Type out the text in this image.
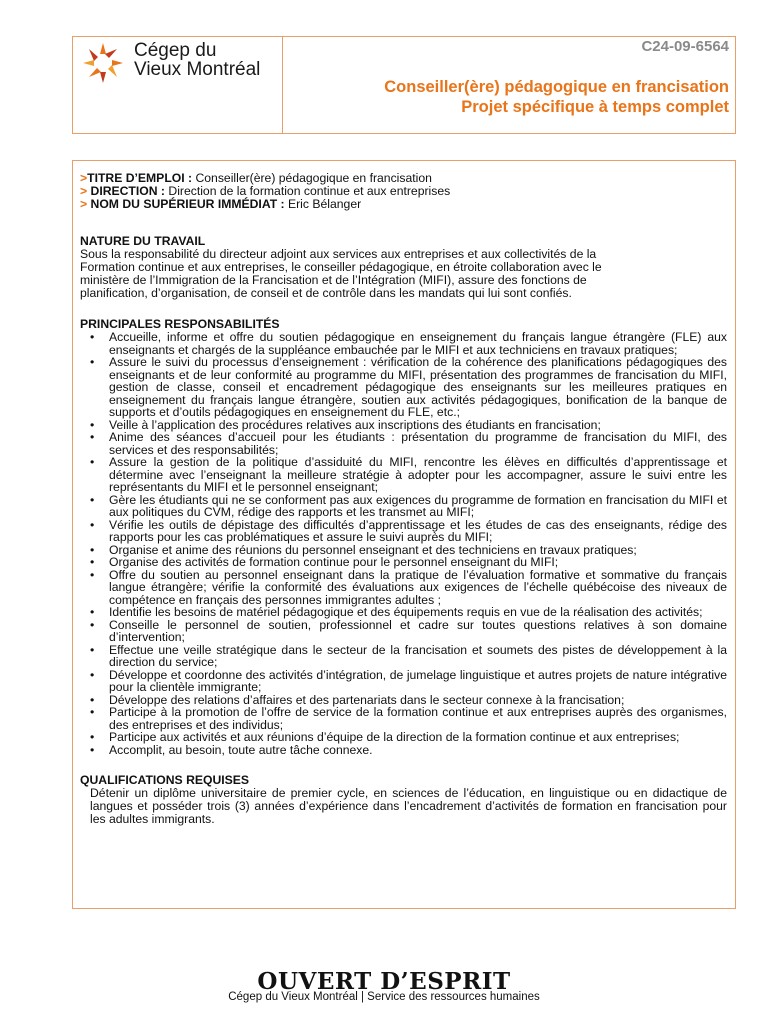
Cégep du
Vieux Montréal
C24-09-6564
Conseiller(ère) pédagogique en francisation
Projet spécifique à temps complet
>TITRE D’EMPLOI : Conseiller(ère) pédagogique en francisation
> DIRECTION : Direction de la formation continue et aux entreprises
> NOM DU SUPÉRIEUR IMMÉDIAT : Eric Bélanger
NATURE DU TRAVAIL
Sous la responsabilité du directeur adjoint aux services aux entreprises et aux collectivités de la
Formation continue et aux entreprises, le conseiller pédagogique, en étroite collaboration avec le
ministère de l’Immigration de la Francisation et de l’Intégration (MIFI), assure des fonctions de
planification, d’organisation, de conseil et de contrôle dans les mandats qui lui sont confiés.
PRINCIPALES RESPONSABILITÉS
• Accueille, informe et offre du soutien pédagogique en enseignement du français langue étrangère (FLE) aux enseignants et chargés de la suppléance embauchée par le MIFI et aux techniciens en travaux pratiques;
• Assure le suivi du processus d’enseignement : vérification de la cohérence des planifications pédagogiques des enseignants et de leur conformité au programme du MIFI, présentation des programmes de francisation du MIFI, gestion de classe, conseil et encadrement pédagogique des enseignants sur les meilleures pratiques en enseignement du français langue étrangère, soutien aux activités pédagogiques, bonification de la banque de supports et d’outils pédagogiques en enseignement du FLE, etc.;
• Veille à l’application des procédures relatives aux inscriptions des étudiants en francisation;
• Anime des séances d’accueil pour les étudiants : présentation du programme de francisation du MIFI, des services et des responsabilités;
• Assure la gestion de la politique d’assiduité du MIFI, rencontre les élèves en difficultés d’apprentissage et détermine avec l’enseignant la meilleure stratégie à adopter pour les accompagner, assure le suivi entre les représentants du MIFI et le personnel enseignant;
• Gère les étudiants qui ne se conforment pas aux exigences du programme de formation en francisation du MIFI et aux politiques du CVM, rédige des rapports et les transmet au MIFI;
• Vérifie les outils de dépistage des difficultés d’apprentissage et les études de cas des enseignants, rédige des rapports pour les cas problématiques et assure le suivi auprès du MIFI;
• Organise et anime des réunions du personnel enseignant et des techniciens en travaux pratiques;
• Organise des activités de formation continue pour le personnel enseignant du MIFI;
• Offre du soutien au personnel enseignant dans la pratique de l’évaluation formative et sommative du français langue étrangère; vérifie la conformité des évaluations aux exigences de l’échelle québécoise des niveaux de compétence en français des personnes immigrantes adultes ;
• Identifie les besoins de matériel pédagogique et des équipements requis en vue de la réalisation des activités;
• Conseille le personnel de soutien, professionnel et cadre sur toutes questions relatives à son domaine d’intervention;
• Effectue une veille stratégique dans le secteur de la francisation et soumets des pistes de développement à la direction du service;
• Développe et coordonne des activités d’intégration, de jumelage linguistique et autres projets de nature intégrative pour la clientèle immigrante;
• Développe des relations d’affaires et des partenariats dans le secteur connexe à la francisation;
• Participe à la promotion de l’offre de service de la formation continue et aux entreprises auprès des organismes, des entreprises et des individus;
• Participe aux activités et aux réunions d’équipe de la direction de la formation continue et aux entreprises;
• Accomplit, au besoin, toute autre tâche connexe.
QUALIFICATIONS REQUISES
Détenir un diplôme universitaire de premier cycle, en sciences de l’éducation, en linguistique ou en didactique de langues et posséder trois (3) années d’expérience dans l’encadrement d’activités de formation en francisation pour les adultes immigrants.
OUVERT D’ESPRIT
Cégep du Vieux Montréal | Service des ressources humaines
